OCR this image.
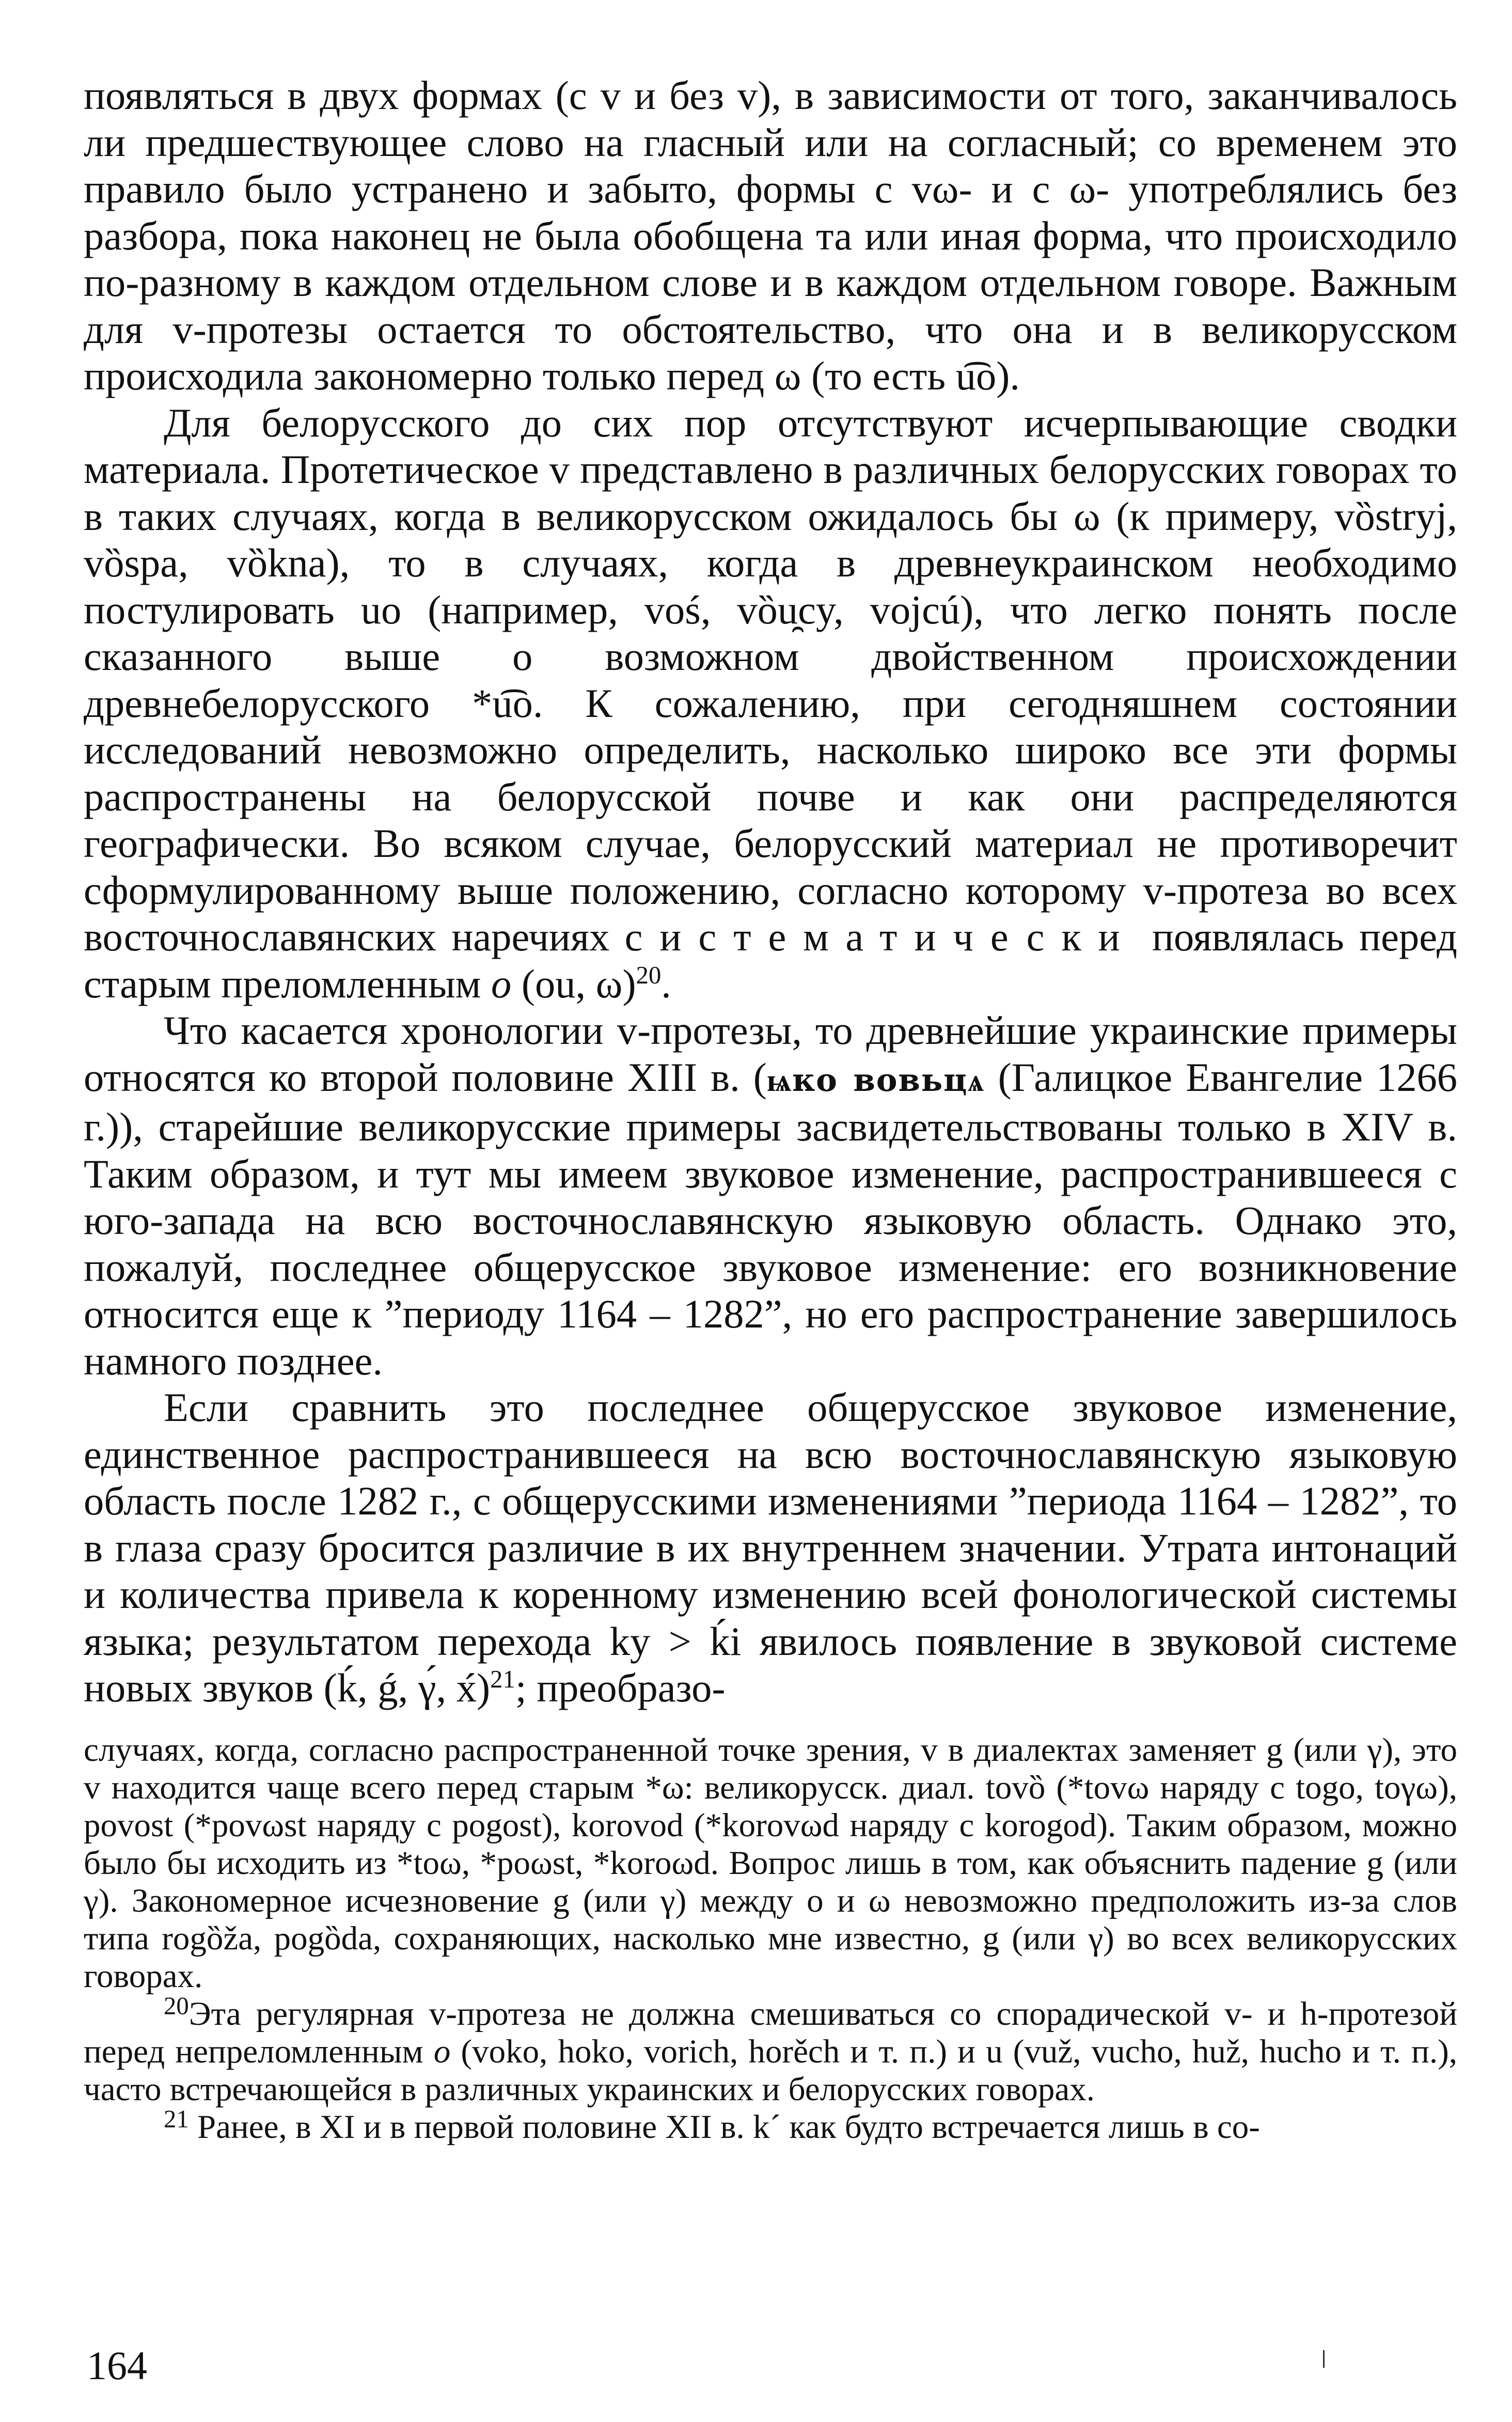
появляться в двух формах (с v и без v), в зависимости от того, заканчивалось ли предшествующее слово на гласный или на согласный; со временем это правило было устранено и забыто, формы с vω- и с ω- употреблялись без разбора, пока наконец не была обобщена та или иная форма, что происходило по-разному в каждом отдельном слове и в каждом отдельном говоре. Важным для v-протезы остается то обстоятельство, что она и в великорусском происходила закономерно только перед ω (то есть u͡o).

Для белорусского до сих пор отсутствуют исчерпывающие сводки материала. Протетическое v представлено в различных белорусских говорах то в таких случаях, когда в великорусском ожидалось бы ω (к примеру, vȍstryj, vȍspa, vȍkna), то в случаях, когда в древнеукраинском необходимо постулировать uo (например, voś, vȍu̯cy, vojcú), что легко понять после сказанного выше о возможном двойственном происхождении древнебелорусского *u͡o. К сожалению, при сегодняшнем состоянии исследований невозможно определить, насколько широко все эти формы распространены на белорусской почве и как они распределяются географически. Во всяком случае, белорусский материал не противоречит сформулированному выше положению, согласно которому v-протеза во всех восточнославянских наречиях систематически появлялась перед старым преломленным o (ou, ω)$^{20}$.

Что касается хронологии v-протезы, то древнейшие украинские примеры относятся ко второй половине XIII в. (ѩко вовьцѧ (Галицкое Евангелие 1266 г.)), старейшие великорусские примеры засвидетельствованы только в XIV в. Таким образом, и тут мы имеем звуковое изменение, распространившееся с юго-запада на всю восточнославянскую языковую область. Однако это, пожалуй, последнее общерусское звуковое изменение: его возникновение относится еще к ”периоду 1164 – 1282”, но его распространение завершилось намного позднее.

Если сравнить это последнее общерусское звуковое изменение, единственное распространившееся на всю восточнославянскую языковую область после 1282 г., с общерусскими изменениями ”периода 1164 – 1282”, то в глаза сразу бросится различие в их внутреннем значении. Утрата интонаций и количества привела к коренному изменению всей фонологической системы языка; результатом перехода ky > ḱi явилось появление в звуковой системе новых звуков (ḱ, ǵ, γ́, x́)$^{21}$; преобразо-

случаях, когда, согласно распространенной точке зрения, v в диалектах заменяет g (или γ), это v находится чаще всего перед старым *ω: великорусск. диал. tovȍ (*tovω наряду с togo, toγω), povost (*povωst наряду с pogost), korovod (*korovωd наряду с korogod). Таким образом, можно было бы исходить из *toω, *poωst, *koroωd. Вопрос лишь в том, как объяснить падение g (или γ). Закономерное исчезновение g (или γ) между o и ω невозможно предположить из-за слов типа rogȍža, pogȍda, сохраняющих, насколько мне известно, g (или γ) во всех великорусских говорах.

$^{20}$Эта регулярная v-протеза не должна смешиваться со спорадической v- и h-протезой перед непреломленным o (voko, hoko, vorich, horěch и т. п.) и u (vuž, vucho, huž, hucho и т. п.), часто встречающейся в различных украинских и белорусских говорах.

$^{21}$ Ранее, в XI и в первой половине XII в. k´ как будто встречается лишь в со-

164
